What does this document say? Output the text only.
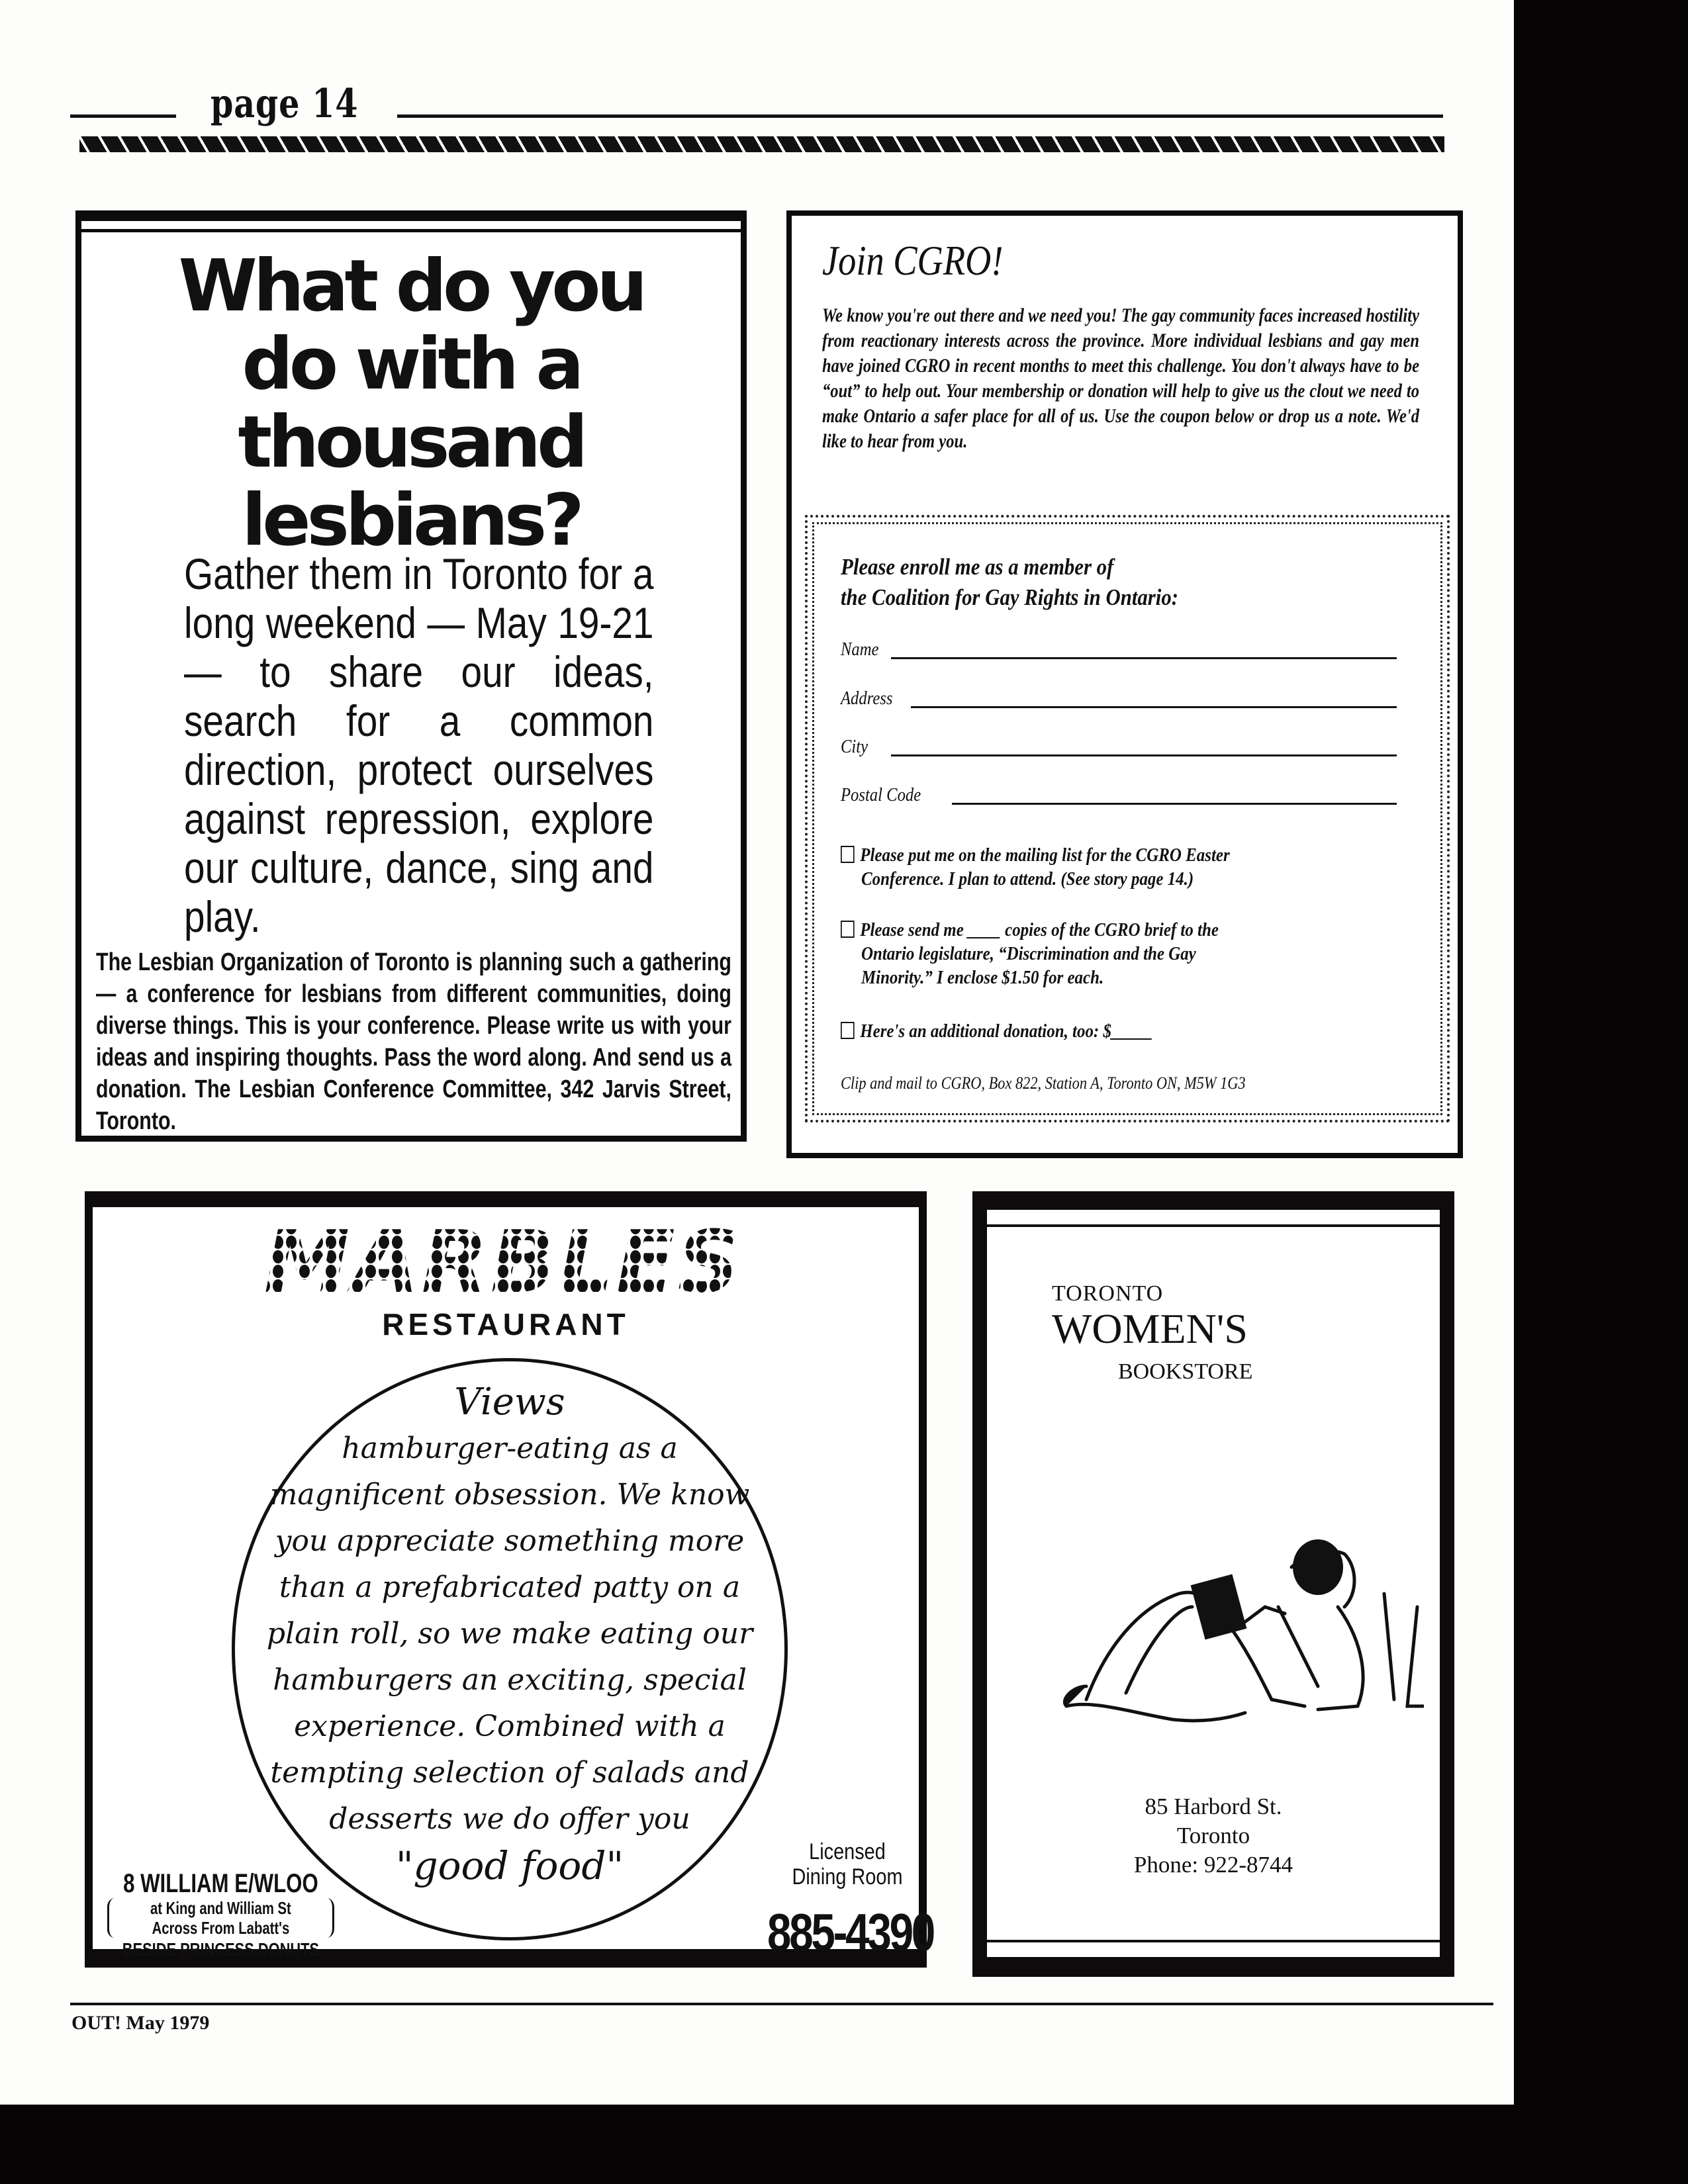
page 14
What do you
do with a
thousand
lesbians?
Gather them in Toronto for a long weekend — May 19-21 — to share our ideas, search for a common direction, protect ourselves against repression, explore our culture, dance, sing and play.
The Lesbian Organization of Toronto is planning such a gathering — a conference for lesbians from different communities, doing diverse things. This is your conference. Please write us with your ideas and inspiring thoughts. Pass the word along. And send us a donation. The Lesbian Conference Committee, 342 Jarvis Street, Toronto.
Join CGRO!
We know you're out there and we need you! The gay community faces increased hostility from reactionary interests across the province. More individual lesbians and gay men have joined CGRO in recent months to meet this challenge. You don't always have to be “out” to help out. Your membership or donation will help to give us the clout we need to make Ontario a safer place for all of us. Use the coupon below or drop us a note. We'd like to hear from you.
Please enroll me as a member of
the Coalition for Gay Rights in Ontario:
Name
Address
City
Postal Code
Please put me on the mailing list for the CGRO Easter
Conference. I plan to attend. (See story page 14.)
Please send me ____ copies of the CGRO brief to the
Ontario legislature, “Discrimination and the Gay Minority.” I enclose $1.50 for each.
Here's an additional donation, too: $_____
Clip and mail to CGRO, Box 822, Station A, Toronto ON, M5W 1G3
MARBLES
RESTAURANT
Views
hamburger-eating as a magnificent obsession. We know you appreciate something more than a prefabricated patty on a plain roll, so we make eating our hamburgers an exciting, special experience. Combined with a tempting selection of salads and desserts we do offer you
"good food"
8 WILLIAM E/WLOO
at King and William St
Across From Labatt's
BESIDE PRINCESS DONUTS
Licensed
Dining Room
885-4390
TORONTO
WOMEN'S
BOOKSTORE
85 Harbord St.
Toronto
Phone: 922-8744
OUT! May 1979
